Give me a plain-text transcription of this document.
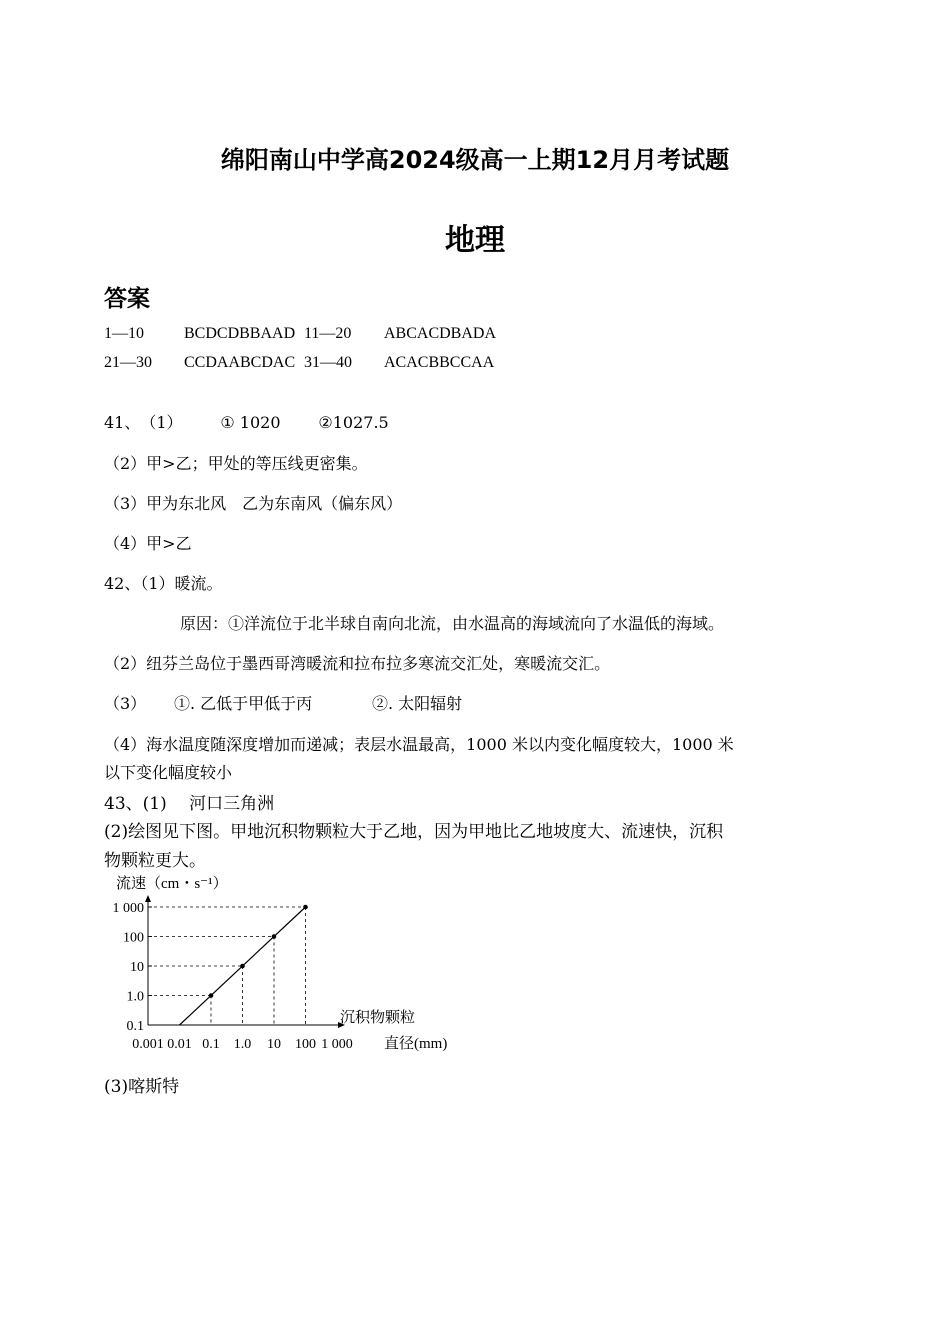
绵阳南山中学高2024级高一上期12月月考试题
地理
答案
1—10	BCDCDBBAAD 11—20 ABCACDBADA
21—30 CCDAABCDAC 31—40 ACACBBCCAA
41、（1） ① 1020 ②1027.5
（2）甲>乙；甲处的等压线更密集。
（3）甲为东北风　乙为东南风（偏东风）
（4）甲>乙
42、（1）暖流。
原因：①洋流位于北半球自南向北流，由水温高的海域流向了水温低的海域。
（2）纽芬兰岛位于墨西哥湾暖流和拉布拉多寒流交汇处，寒暖流交汇。
（3） ①. 乙低于甲低于丙	②. 太阳辐射
（4）海水温度随深度增加而递减；表层水温最高，1000 米以内变化幅度较大，1000 米
以下变化幅度较小
43、(1)　 河口三角洲
(2)绘图见下图。甲地沉积物颗粒大于乙地，因为甲地比乙地坡度大、流速快，沉积
物颗粒更大。
流速（cm・s⁻¹）
0.1
1.0
10
100
1 000
0.001 0.01 0.1 1.0 10 100 1 000
沉积物颗粒
直径(mm)
(3)喀斯特
